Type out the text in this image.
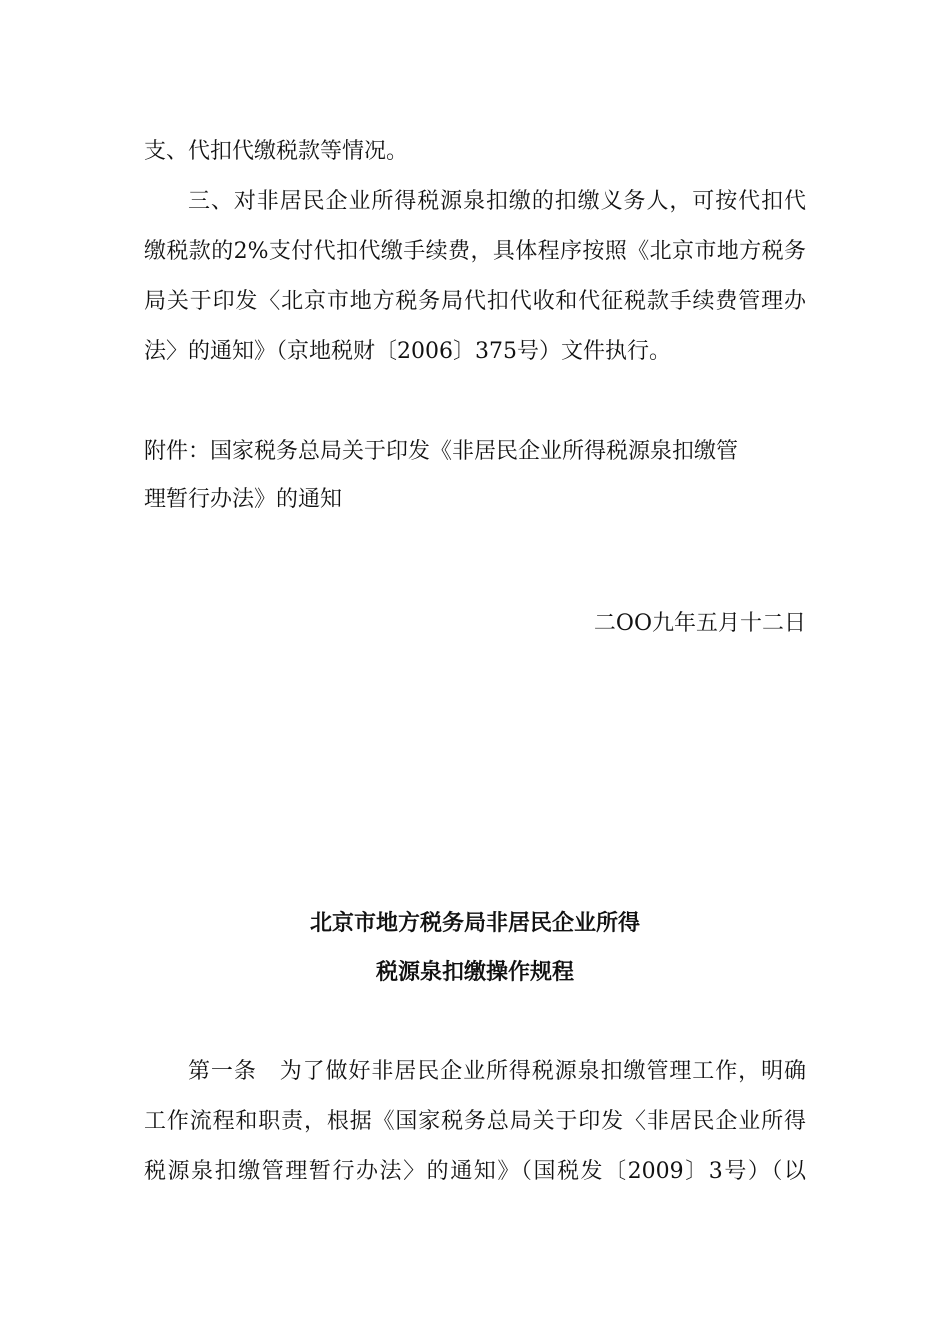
支、代扣代缴税款等情况。
三、对非居民企业所得税源泉扣缴的扣缴义务人，可按代扣代
缴税款的2%支付代扣代缴手续费，具体程序按照《北京市地方税务
局关于印发〈北京市地方税务局代扣代收和代征税款手续费管理办
法〉的通知》（京地税财〔2006〕375号）文件执行。
附件：国家税务总局关于印发《非居民企业所得税源泉扣缴管
理暂行办法》的通知
二OO九年五月十二日
北京市地方税务局非居民企业所得
税源泉扣缴操作规程
第一条　为了做好非居民企业所得税源泉扣缴管理工作，明确
工作流程和职责，根据《国家税务总局关于印发〈非居民企业所得
税源泉扣缴管理暂行办法〉的通知》（国税发〔2009〕3号）（以
